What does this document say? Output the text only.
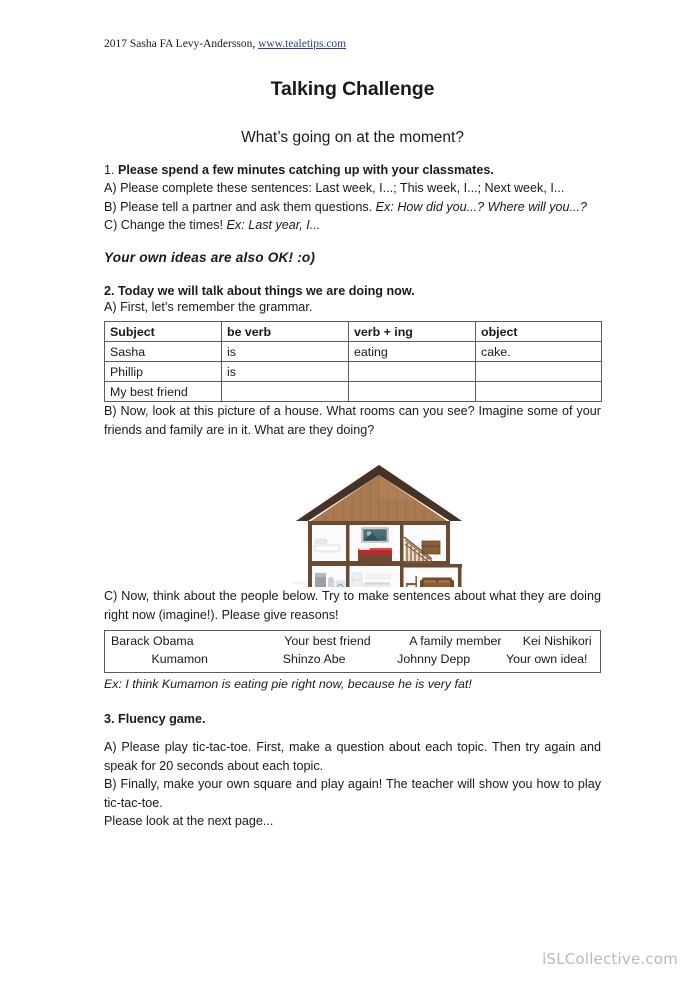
2017 Sasha FA Levy-Andersson, www.tealetips.com
Talking Challenge
What’s going on at the moment?

1. Please spend a few minutes catching up with your classmates.

A) Please complete these sentences: Last week, I...; This week, I...; Next week, I...

B) Please tell a partner and ask them questions. Ex: How did you...? Where will you...?

C) Change the times! Ex: Last year, I...

Your own ideas are also OK! :o)

2. Today we will talk about things we are doing now.

A) First, let’s remember the grammar.

Subject	be verb	verb + ing	object
Sasha	is	eating	cake.
Phillip	is		
My best friend			

B) Now, look at this picture of a house. What rooms can you see? Imagine some of your friends and family are in it. What are they doing?

C) Now, think about the people below. Try to make sentences about what they are doing right now (imagine!). Please give reasons!

Barack Obama	Your best friend	A family member	Kei Nishikori
Kumamon	Shinzo Abe	Johnny Depp	Your own idea!

Ex: I think Kumamon is eating pie right now, because he is very fat!

3. Fluency game.

A) Please play tic-tac-toe. First, make a question about each topic. Then try again and speak for 20 seconds about each topic.

B) Finally, make your own square and play again! The teacher will show you how to play tic-tac-toe.

Please look at the next page...

iSLCollective.com
